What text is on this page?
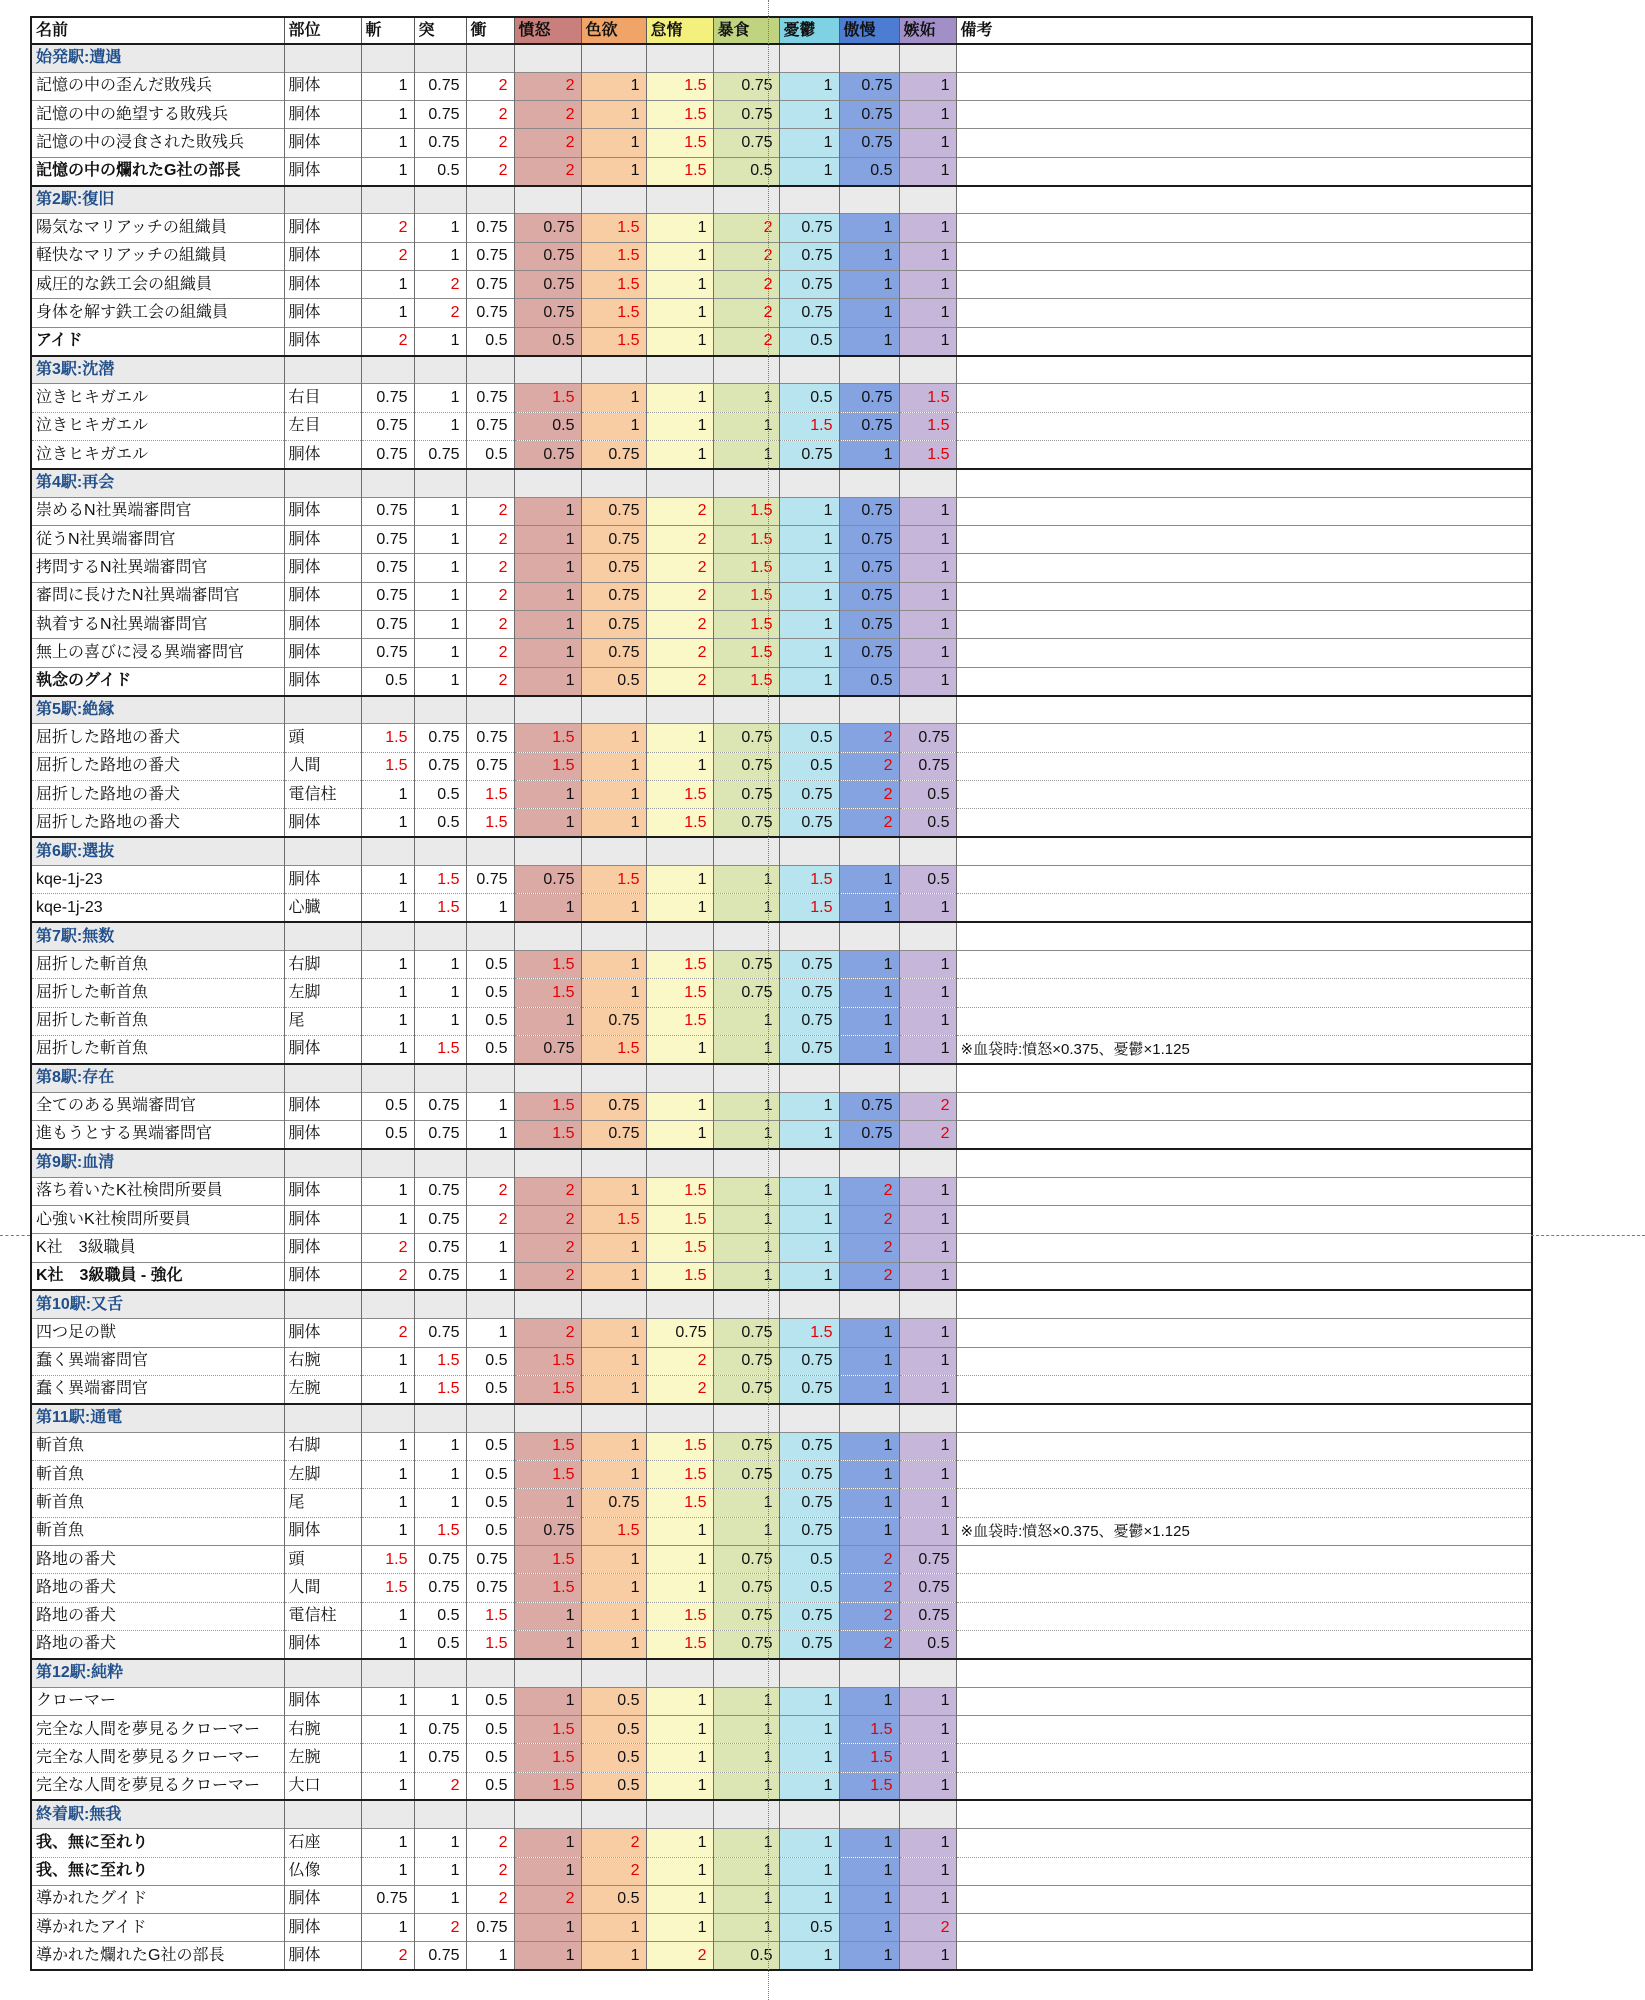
名前	部位	斬	突	衝	憤怒	色欲	怠惰	暴食	憂鬱	傲慢	嫉妬	備考
始発駅:遭遇												
記憶の中の歪んだ敗残兵	胴体	1	0.75	2	2	1	1.5	0.75	1	0.75	1	
記憶の中の絶望する敗残兵	胴体	1	0.75	2	2	1	1.5	0.75	1	0.75	1	
記憶の中の浸食された敗残兵	胴体	1	0.75	2	2	1	1.5	0.75	1	0.75	1	
記憶の中の爛れたG社の部長	胴体	1	0.5	2	2	1	1.5	0.5	1	0.5	1	
第2駅:復旧												
陽気なマリアッチの組織員	胴体	2	1	0.75	0.75	1.5	1	2	0.75	1	1	
軽快なマリアッチの組織員	胴体	2	1	0.75	0.75	1.5	1	2	0.75	1	1	
威圧的な鉄工会の組織員	胴体	1	2	0.75	0.75	1.5	1	2	0.75	1	1	
身体を解す鉄工会の組織員	胴体	1	2	0.75	0.75	1.5	1	2	0.75	1	1	
アイド	胴体	2	1	0.5	0.5	1.5	1	2	0.5	1	1	
第3駅:沈潜												
泣きヒキガエル	右目	0.75	1	0.75	1.5	1	1	1	0.5	0.75	1.5	
泣きヒキガエル	左目	0.75	1	0.75	0.5	1	1	1	1.5	0.75	1.5	
泣きヒキガエル	胴体	0.75	0.75	0.5	0.75	0.75	1	1	0.75	1	1.5	
第4駅:再会												
崇めるN社異端審問官	胴体	0.75	1	2	1	0.75	2	1.5	1	0.75	1	
従うN社異端審問官	胴体	0.75	1	2	1	0.75	2	1.5	1	0.75	1	
拷問するN社異端審問官	胴体	0.75	1	2	1	0.75	2	1.5	1	0.75	1	
審問に長けたN社異端審問官	胴体	0.75	1	2	1	0.75	2	1.5	1	0.75	1	
執着するN社異端審問官	胴体	0.75	1	2	1	0.75	2	1.5	1	0.75	1	
無上の喜びに浸る異端審問官	胴体	0.75	1	2	1	0.75	2	1.5	1	0.75	1	
執念のグイド	胴体	0.5	1	2	1	0.5	2	1.5	1	0.5	1	
第5駅:絶縁												
屈折した路地の番犬	頭	1.5	0.75	0.75	1.5	1	1	0.75	0.5	2	0.75	
屈折した路地の番犬	人間	1.5	0.75	0.75	1.5	1	1	0.75	0.5	2	0.75	
屈折した路地の番犬	電信柱	1	0.5	1.5	1	1	1.5	0.75	0.75	2	0.5	
屈折した路地の番犬	胴体	1	0.5	1.5	1	1	1.5	0.75	0.75	2	0.5	
第6駅:選抜												
kqe-1j-23	胴体	1	1.5	0.75	0.75	1.5	1	1	1.5	1	0.5	
kqe-1j-23	心臓	1	1.5	1	1	1	1	1	1.5	1	1	
第7駅:無数												
屈折した斬首魚	右脚	1	1	0.5	1.5	1	1.5	0.75	0.75	1	1	
屈折した斬首魚	左脚	1	1	0.5	1.5	1	1.5	0.75	0.75	1	1	
屈折した斬首魚	尾	1	1	0.5	1	0.75	1.5	1	0.75	1	1	
屈折した斬首魚	胴体	1	1.5	0.5	0.75	1.5	1	1	0.75	1	1	※血袋時:憤怒×0.375、憂鬱×1.125
第8駅:存在												
全てのある異端審問官	胴体	0.5	0.75	1	1.5	0.75	1	1	1	0.75	2	
進もうとする異端審問官	胴体	0.5	0.75	1	1.5	0.75	1	1	1	0.75	2	
第9駅:血清												
落ち着いたK社検問所要員	胴体	1	0.75	2	2	1	1.5	1	1	2	1	
心強いK社検問所要員	胴体	1	0.75	2	2	1.5	1.5	1	1	2	1	
K社　3級職員	胴体	2	0.75	1	2	1	1.5	1	1	2	1	
K社　3級職員 - 強化	胴体	2	0.75	1	2	1	1.5	1	1	2	1	
第10駅:又舌												
四つ足の獣	胴体	2	0.75	1	2	1	0.75	0.75	1.5	1	1	
蠢く異端審問官	右腕	1	1.5	0.5	1.5	1	2	0.75	0.75	1	1	
蠢く異端審問官	左腕	1	1.5	0.5	1.5	1	2	0.75	0.75	1	1	
第11駅:通電												
斬首魚	右脚	1	1	0.5	1.5	1	1.5	0.75	0.75	1	1	
斬首魚	左脚	1	1	0.5	1.5	1	1.5	0.75	0.75	1	1	
斬首魚	尾	1	1	0.5	1	0.75	1.5	1	0.75	1	1	
斬首魚	胴体	1	1.5	0.5	0.75	1.5	1	1	0.75	1	1	※血袋時:憤怒×0.375、憂鬱×1.125
路地の番犬	頭	1.5	0.75	0.75	1.5	1	1	0.75	0.5	2	0.75	
路地の番犬	人間	1.5	0.75	0.75	1.5	1	1	0.75	0.5	2	0.75	
路地の番犬	電信柱	1	0.5	1.5	1	1	1.5	0.75	0.75	2	0.75	
路地の番犬	胴体	1	0.5	1.5	1	1	1.5	0.75	0.75	2	0.5	
第12駅:純粋												
クローマー	胴体	1	1	0.5	1	0.5	1	1	1	1	1	
完全な人間を夢見るクローマー	右腕	1	0.75	0.5	1.5	0.5	1	1	1	1.5	1	
完全な人間を夢見るクローマー	左腕	1	0.75	0.5	1.5	0.5	1	1	1	1.5	1	
完全な人間を夢見るクローマー	大口	1	2	0.5	1.5	0.5	1	1	1	1.5	1	
終着駅:無我												
我、無に至れり	石座	1	1	2	1	2	1	1	1	1	1	
我、無に至れり	仏像	1	1	2	1	2	1	1	1	1	1	
導かれたグイド	胴体	0.75	1	2	2	0.5	1	1	1	1	1	
導かれたアイド	胴体	1	2	0.75	1	1	1	1	0.5	1	2	
導かれた爛れたG社の部長	胴体	2	0.75	1	1	1	2	0.5	1	1	1	
